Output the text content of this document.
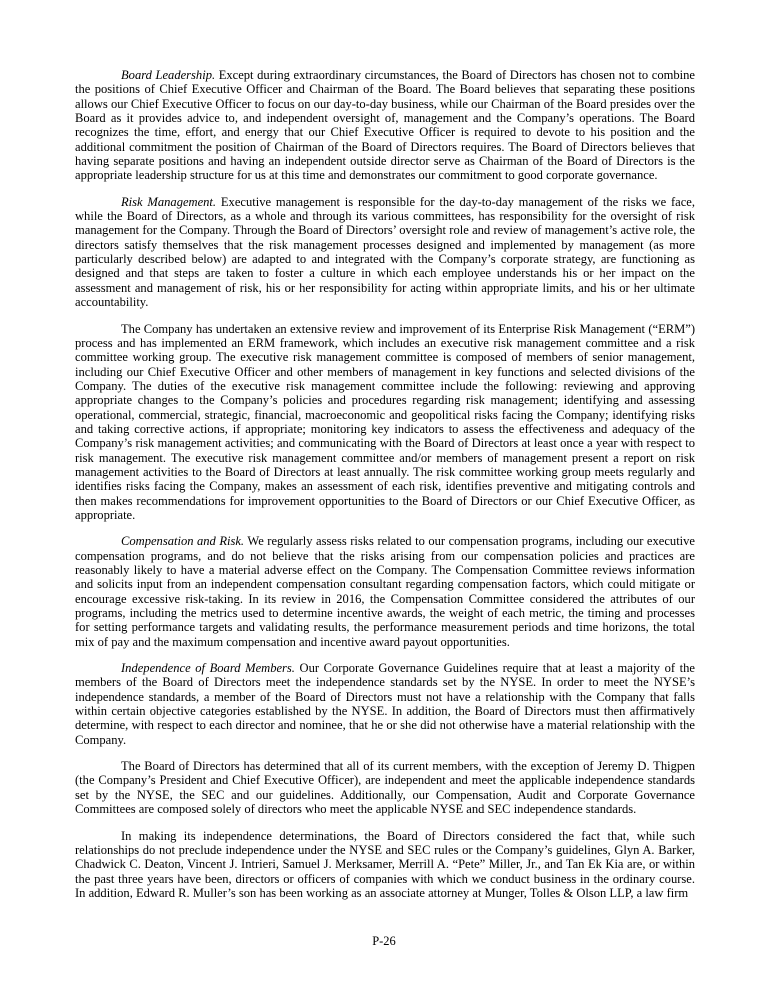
Board Leadership. Except during extraordinary circumstances, the Board of Directors has chosen not to combine the positions of Chief Executive Officer and Chairman of the Board. The Board believes that separating these positions allows our Chief Executive Officer to focus on our day-to-day business, while our Chairman of the Board presides over the Board as it provides advice to, and independent oversight of, management and the Company’s operations. The Board recognizes the time, effort, and energy that our Chief Executive Officer is required to devote to his position and the additional commitment the position of Chairman of the Board of Directors requires. The Board of Directors believes that having separate positions and having an independent outside director serve as Chairman of the Board of Directors is the appropriate leadership structure for us at this time and demonstrates our commitment to good corporate governance.

Risk Management. Executive management is responsible for the day-to-day management of the risks we face, while the Board of Directors, as a whole and through its various committees, has responsibility for the oversight of risk management for the Company. Through the Board of Directors’ oversight role and review of management’s active role, the directors satisfy themselves that the risk management processes designed and implemented by management (as more particularly described below) are adapted to and integrated with the Company’s corporate strategy, are functioning as designed and that steps are taken to foster a culture in which each employee understands his or her impact on the assessment and management of risk, his or her responsibility for acting within appropriate limits, and his or her ultimate accountability.

The Company has undertaken an extensive review and improvement of its Enterprise Risk Management (“ERM”) process and has implemented an ERM framework, which includes an executive risk management committee and a risk committee working group. The executive risk management committee is composed of members of senior management, including our Chief Executive Officer and other members of management in key functions and selected divisions of the Company. The duties of the executive risk management committee include the following: reviewing and approving appropriate changes to the Company’s policies and procedures regarding risk management; identifying and assessing operational, commercial, strategic, financial, macroeconomic and geopolitical risks facing the Company; identifying risks and taking corrective actions, if appropriate; monitoring key indicators to assess the effectiveness and adequacy of the Company’s risk management activities; and communicating with the Board of Directors at least once a year with respect to risk management. The executive risk management committee and/or members of management present a report on risk management activities to the Board of Directors at least annually. The risk committee working group meets regularly and identifies risks facing the Company, makes an assessment of each risk, identifies preventive and mitigating controls and then makes recommendations for improvement opportunities to the Board of Directors or our Chief Executive Officer, as appropriate.

Compensation and Risk. We regularly assess risks related to our compensation programs, including our executive compensation programs, and do not believe that the risks arising from our compensation policies and practices are reasonably likely to have a material adverse effect on the Company. The Compensation Committee reviews information and solicits input from an independent compensation consultant regarding compensation factors, which could mitigate or encourage excessive risk-taking. In its review in 2016, the Compensation Committee considered the attributes of our programs, including the metrics used to determine incentive awards, the weight of each metric, the timing and processes for setting performance targets and validating results, the performance measurement periods and time horizons, the total mix of pay and the maximum compensation and incentive award payout opportunities.

Independence of Board Members. Our Corporate Governance Guidelines require that at least a majority of the members of the Board of Directors meet the independence standards set by the NYSE. In order to meet the NYSE’s independence standards, a member of the Board of Directors must not have a relationship with the Company that falls within certain objective categories established by the NYSE. In addition, the Board of Directors must then affirmatively determine, with respect to each director and nominee, that he or she did not otherwise have a material relationship with the Company.

The Board of Directors has determined that all of its current members, with the exception of Jeremy D. Thigpen (the Company’s President and Chief Executive Officer), are independent and meet the applicable independence standards set by the NYSE, the SEC and our guidelines. Additionally, our Compensation, Audit and Corporate Governance Committees are composed solely of directors who meet the applicable NYSE and SEC independence standards.

In making its independence determinations, the Board of Directors considered the fact that, while such relationships do not preclude independence under the NYSE and SEC rules or the Company’s guidelines, Glyn A. Barker, Chadwick C. Deaton, Vincent J. Intrieri, Samuel J. Merksamer, Merrill A. “Pete” Miller, Jr., and Tan Ek Kia are, or within the past three years have been, directors or officers of companies with which we conduct business in the ordinary course. In addition, Edward R. Muller’s son has been working as an associate attorney at Munger, Tolles & Olson LLP, a law firm

P-26
